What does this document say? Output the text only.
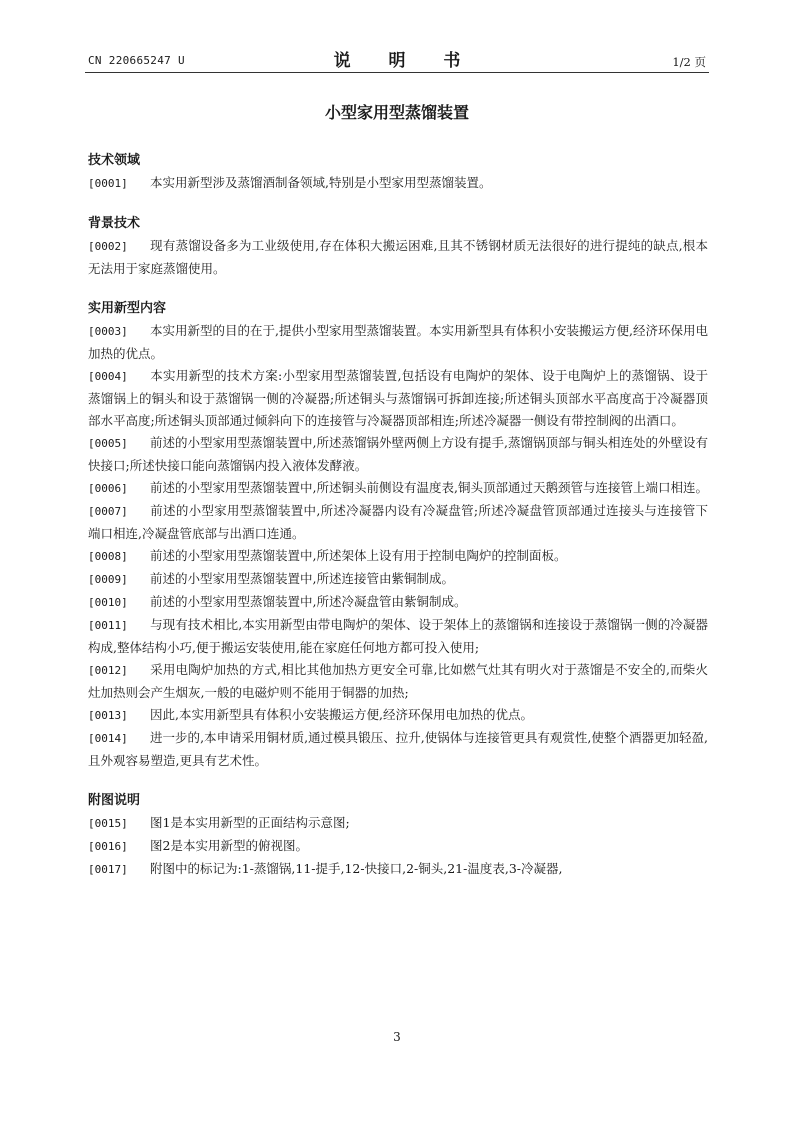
CN 220665247 U	说 明 书	1/2 页
小型家用型蒸馏装置
技术领域

[0001] 本实用新型涉及蒸馏酒制备领域,特别是小型家用型蒸馏装置。

背景技术

[0002] 现有蒸馏设备多为工业级使用,存在体积大搬运困难,且其不锈钢材质无法很好的进行提纯的缺点,根本无法用于家庭蒸馏使用。

实用新型内容

[0003] 本实用新型的目的在于,提供小型家用型蒸馏装置。本实用新型具有体积小安装搬运方便,经济环保用电加热的优点。

[0004] 本实用新型的技术方案:小型家用型蒸馏装置,包括设有电陶炉的架体、设于电陶炉上的蒸馏锅、设于蒸馏锅上的铜头和设于蒸馏锅一侧的冷凝器;所述铜头与蒸馏锅可拆卸连接;所述铜头顶部水平高度高于冷凝器顶部水平高度;所述铜头顶部通过倾斜向下的连接管与冷凝器顶部相连;所述冷凝器一侧设有带控制阀的出酒口。

[0005] 前述的小型家用型蒸馏装置中,所述蒸馏锅外壁两侧上方设有提手,蒸馏锅顶部与铜头相连处的外壁设有快接口;所述快接口能向蒸馏锅内投入液体发酵液。

[0006] 前述的小型家用型蒸馏装置中,所述铜头前侧设有温度表,铜头顶部通过天鹅颈管与连接管上端口相连。

[0007] 前述的小型家用型蒸馏装置中,所述冷凝器内设有冷凝盘管;所述冷凝盘管顶部通过连接头与连接管下端口相连,冷凝盘管底部与出酒口连通。

[0008] 前述的小型家用型蒸馏装置中,所述架体上设有用于控制电陶炉的控制面板。

[0009] 前述的小型家用型蒸馏装置中,所述连接管由紫铜制成。

[0010] 前述的小型家用型蒸馏装置中,所述冷凝盘管由紫铜制成。

[0011] 与现有技术相比,本实用新型由带电陶炉的架体、设于架体上的蒸馏锅和连接设于蒸馏锅一侧的冷凝器构成,整体结构小巧,便于搬运安装使用,能在家庭任何地方都可投入使用;

[0012] 采用电陶炉加热的方式,相比其他加热方更安全可靠,比如燃气灶其有明火对于蒸馏是不安全的,而柴火灶加热则会产生烟灰,一般的电磁炉则不能用于铜器的加热;

[0013] 因此,本实用新型具有体积小安装搬运方便,经济环保用电加热的优点。

[0014] 进一步的,本申请采用铜材质,通过模具锻压、拉升,使锅体与连接管更具有观赏性,使整个酒器更加轻盈,且外观容易塑造,更具有艺术性。

附图说明

[0015] 图1是本实用新型的正面结构示意图;

[0016] 图2是本实用新型的俯视图。

[0017] 附图中的标记为:1-蒸馏锅,11-提手,12-快接口,2-铜头,21-温度表,3-冷凝器,

3
